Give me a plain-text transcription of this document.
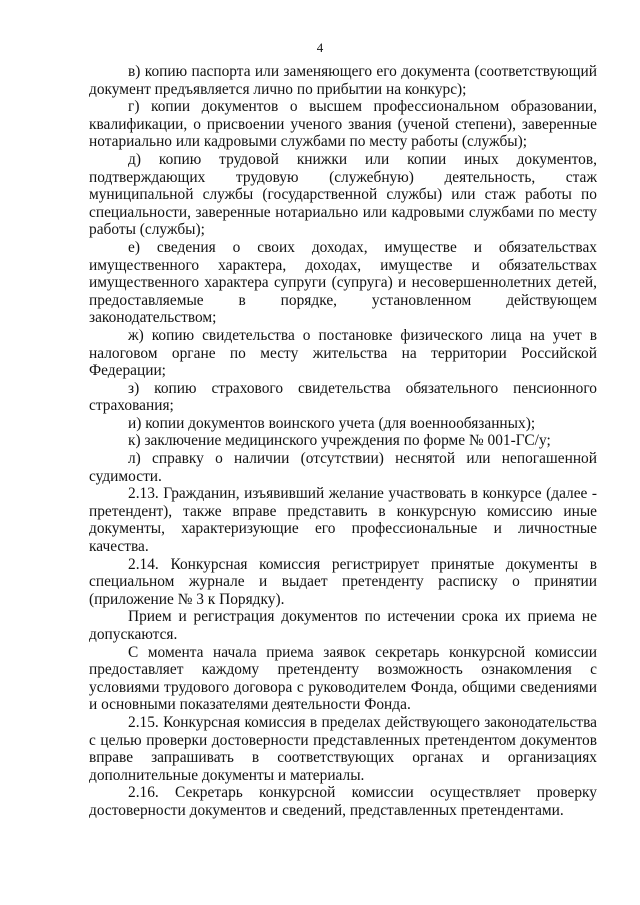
4

в) копию паспорта или заменяющего его документа (соответствующий документ предъявляется лично по прибытии на конкурс);

г) копии документов о высшем профессиональном образовании, квалификации, о присвоении ученого звания (ученой степени), заверенные нотариально или кадровыми службами по месту работы (службы);

д) копию трудовой книжки или копии иных документов, подтверждающих трудовую (служебную) деятельность, стаж муниципальной службы (государственной службы) или стаж работы по специальности, заверенные нотариально или кадровыми службами по месту работы (службы);

е) сведения о своих доходах, имуществе и обязательствах имущественного характера, доходах, имуществе и обязательствах имущественного характера супруги (супруга) и несовершеннолетних детей, предоставляемые в порядке, установленном действующем законодательством;

ж) копию свидетельства о постановке физического лица на учет в налоговом органе по месту жительства на территории Российской Федерации;

з) копию страхового свидетельства обязательного пенсионного страхования;

и) копии документов воинского учета (для военнообязанных);

к) заключение медицинского учреждения по форме № 001-ГС/у;

л) справку о наличии (отсутствии) неснятой или непогашенной судимости.

2.13. Гражданин, изъявивший желание участвовать в конкурсе (далее - претендент), также вправе представить в конкурсную комиссию иные документы, характеризующие его профессиональные и личностные качества.

2.14. Конкурсная комиссия регистрирует принятые документы в специальном журнале и выдает претенденту расписку о принятии (приложение № 3 к Порядку).

Прием и регистрация документов по истечении срока их приема не допускаются.

С момента начала приема заявок секретарь конкурсной комиссии предоставляет каждому претенденту возможность ознакомления с условиями трудового договора с руководителем Фонда, общими сведениями и основными показателями деятельности Фонда.

2.15. Конкурсная комиссия в пределах действующего законодательства с целью проверки достоверности представленных претендентом документов вправе запрашивать в соответствующих органах и организациях дополнительные документы и материалы.

2.16. Секретарь конкурсной комиссии осуществляет проверку достоверности документов и сведений, представленных претендентами.
